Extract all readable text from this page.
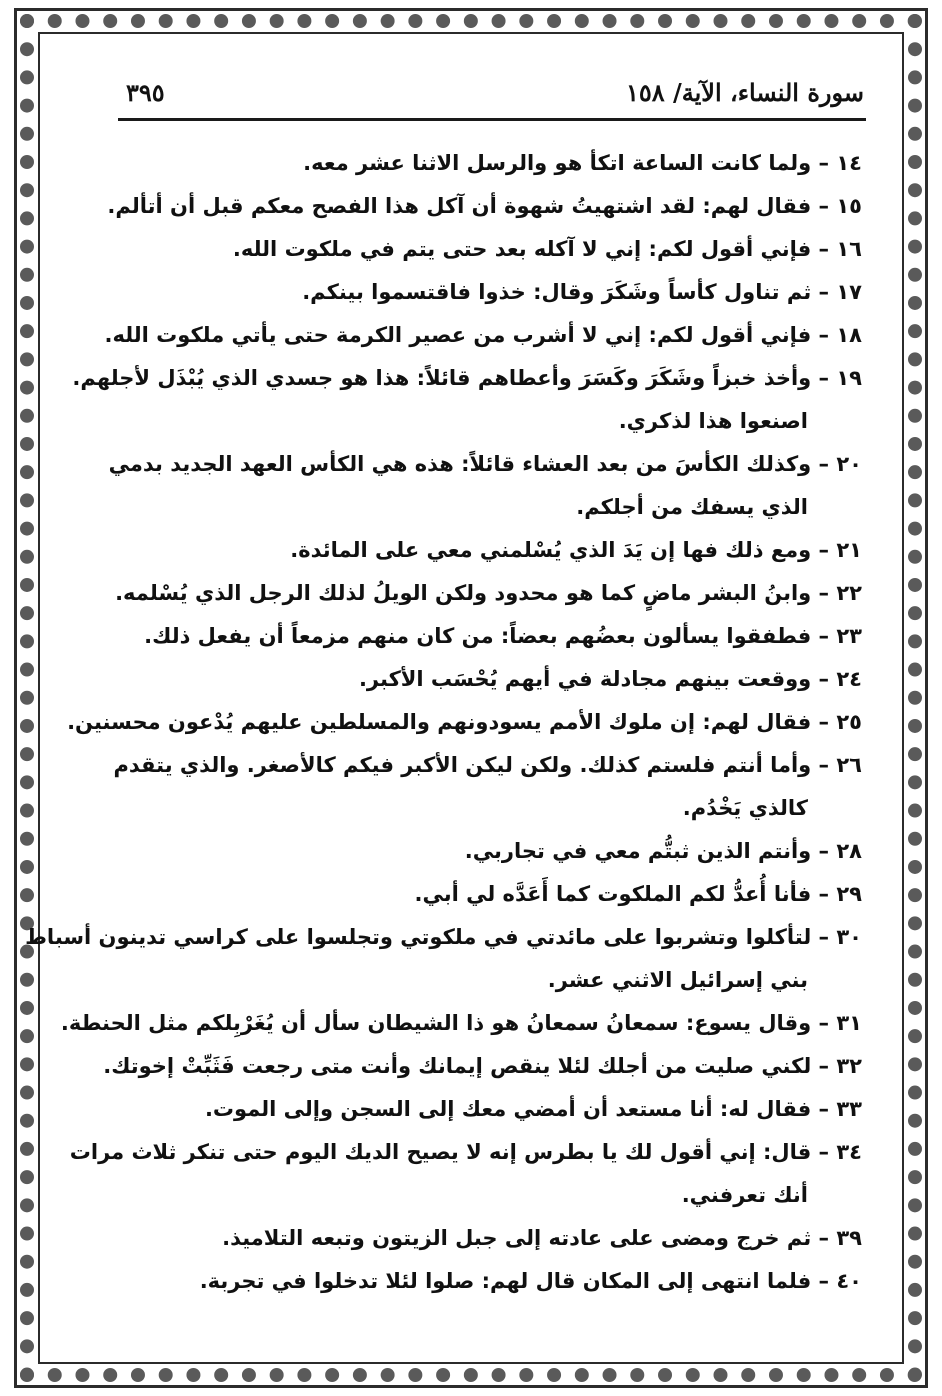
سورة النساء، الآية/ ١٥٨
٣٩٥
١٤ – ولما كانت الساعة اتكأ هو والرسل الاثنا عشر معه.
١٥ – فقال لهم: لقد اشتهيتُ شهوة أن آكل هذا الفصح معكم قبل أن أتألم.
١٦ – فإني أقول لكم: إني لا آكله بعد حتى يتم في ملكوت الله.
١٧ – ثم تناول كأساً وشَكَرَ وقال: خذوا فاقتسموا بينكم.
١٨ – فإني أقول لكم: إني لا أشرب من عصير الكرمة حتى يأتي ملكوت الله.
١٩ – وأخذ خبزاً وشَكَرَ وكَسَرَ وأعطاهم قائلاً: هذا هو جسدي الذي يُبْذَل لأجلهم.
اصنعوا هذا لذكري.
٢٠ – وكذلك الكأسَ من بعد العشاء قائلاً: هذه هي الكأس العهد الجديد بدمي
الذي يسفك من أجلكم.
٢١ – ومع ذلك فها إن يَدَ الذي يُسْلمني معي على المائدة.
٢٢ – وابنُ البشر ماضٍ كما هو محدود ولكن الويلُ لذلك الرجل الذي يُسْلمه.
٢٣ – فطفقوا يسألون بعضُهم بعضاً: من كان منهم مزمعاً أن يفعل ذلك.
٢٤ – ووقعت بينهم مجادلة في أيهم يُحْسَب الأكبر.
٢٥ – فقال لهم: إن ملوك الأمم يسودونهم والمسلطين عليهم يُدْعون محسنين.
٢٦ – وأما أنتم فلستم كذلك. ولكن ليكن الأكبر فيكم كالأصغر. والذي يتقدم
كالذي يَخْدُم.
٢٨ – وأنتم الذين ثبتُّم معي في تجاربي.
٢٩ – فأنا أُعدُّ لكم الملكوت كما أَعَدَّه لي أبي.
٣٠ – لتأكلوا وتشربوا على مائدتي في ملكوتي وتجلسوا على كراسي تدينون أسباط
بني إسرائيل الاثني عشر.
٣١ – وقال يسوع: سمعانُ سمعانُ هو ذا الشيطان سأل أن يُغَرْبِلكم مثل الحنطة.
٣٢ – لكني صليت من أجلك لئلا ينقص إيمانك وأنت متى رجعت فَثَبِّتْ إخوتك.
٣٣ – فقال له: أنا مستعد أن أمضي معك إلى السجن وإلى الموت.
٣٤ – قال: إني أقول لك يا بطرس إنه لا يصيح الديك اليوم حتى تنكر ثلاث مرات
أنك تعرفني.
٣٩ – ثم خرج ومضى على عادته إلى جبل الزيتون وتبعه التلاميذ.
٤٠ – فلما انتهى إلى المكان قال لهم: صلوا لئلا تدخلوا في تجربة.
